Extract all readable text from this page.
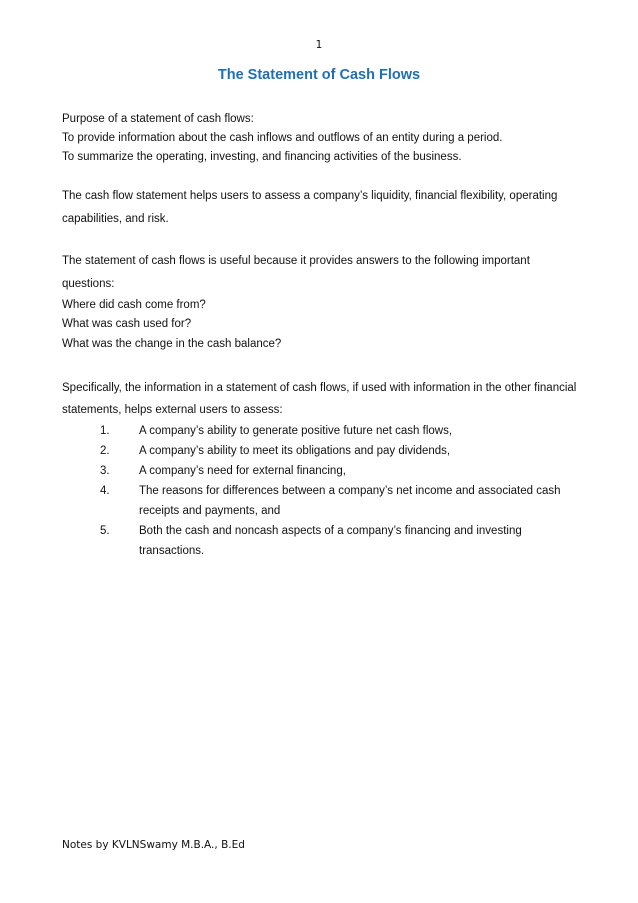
1
The Statement of Cash Flows
Purpose of a statement of cash flows:
To provide information about the cash inflows and outflows of an entity during a period.
To summarize the operating, investing, and financing activities of the business.
The cash flow statement helps users to assess a company’s liquidity, financial flexibility, operating capabilities, and risk.
The statement of cash flows is useful because it provides answers to the following important questions:
Where did cash come from?
What was cash used for?
What was the change in the cash balance?
Specifically, the information in a statement of cash flows, if used with information in the other financial statements, helps external users to assess:
1.	A company’s ability to generate positive future net cash flows,
2.	A company’s ability to meet its obligations and pay dividends,
3.	A company’s need for external financing,
4.	The reasons for differences between a company’s net income and associated cash receipts and payments, and
5.	Both the cash and noncash aspects of a company’s financing and investing transactions.
Notes by KVLNSwamy M.B.A., B.Ed
